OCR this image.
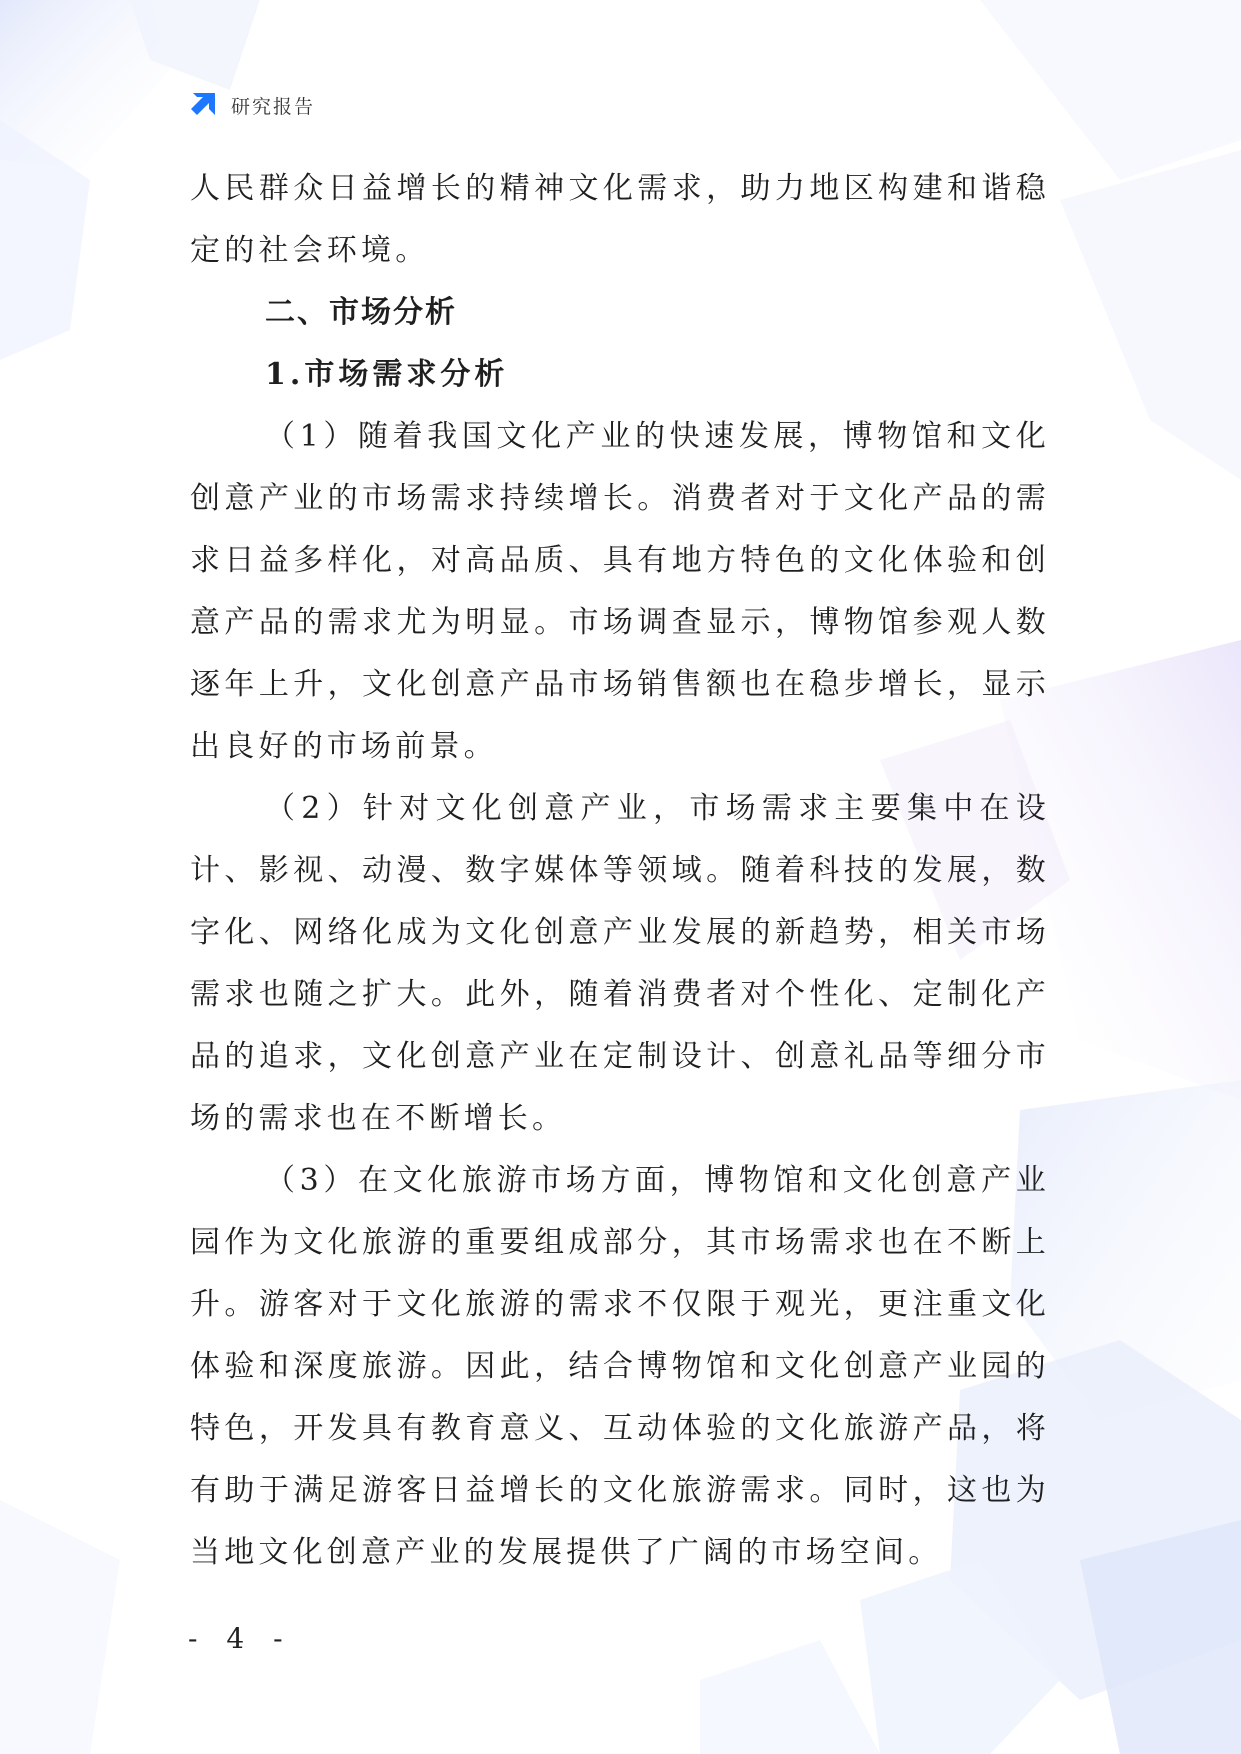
研究报告

人民群众日益增长的精神文化需求，助力地区构建和谐稳定的社会环境。

二、市场分析
1.市场需求分析

（1）随着我国文化产业的快速发展，博物馆和文化创意产业的市场需求持续增长。消费者对于文化产品的需求日益多样化，对高品质、具有地方特色的文化体验和创意产品的需求尤为明显。市场调查显示，博物馆参观人数逐年上升，文化创意产品市场销售额也在稳步增长，显示出良好的市场前景。

（2）针对文化创意产业，市场需求主要集中在设计、影视、动漫、数字媒体等领域。随着科技的发展，数字化、网络化成为文化创意产业发展的新趋势，相关市场需求也随之扩大。此外，随着消费者对个性化、定制化产品的追求，文化创意产业在定制设计、创意礼品等细分市场的需求也在不断增长。

（3）在文化旅游市场方面，博物馆和文化创意产业园作为文化旅游的重要组成部分，其市场需求也在不断上升。游客对于文化旅游的需求不仅限于观光，更注重文化体验和深度旅游。因此，结合博物馆和文化创意产业园的特色，开发具有教育意义、互动体验的文化旅游产品，将有助于满足游客日益增长的文化旅游需求。同时，这也为当地文化创意产业的发展提供了广阔的市场空间。

- 4 -
